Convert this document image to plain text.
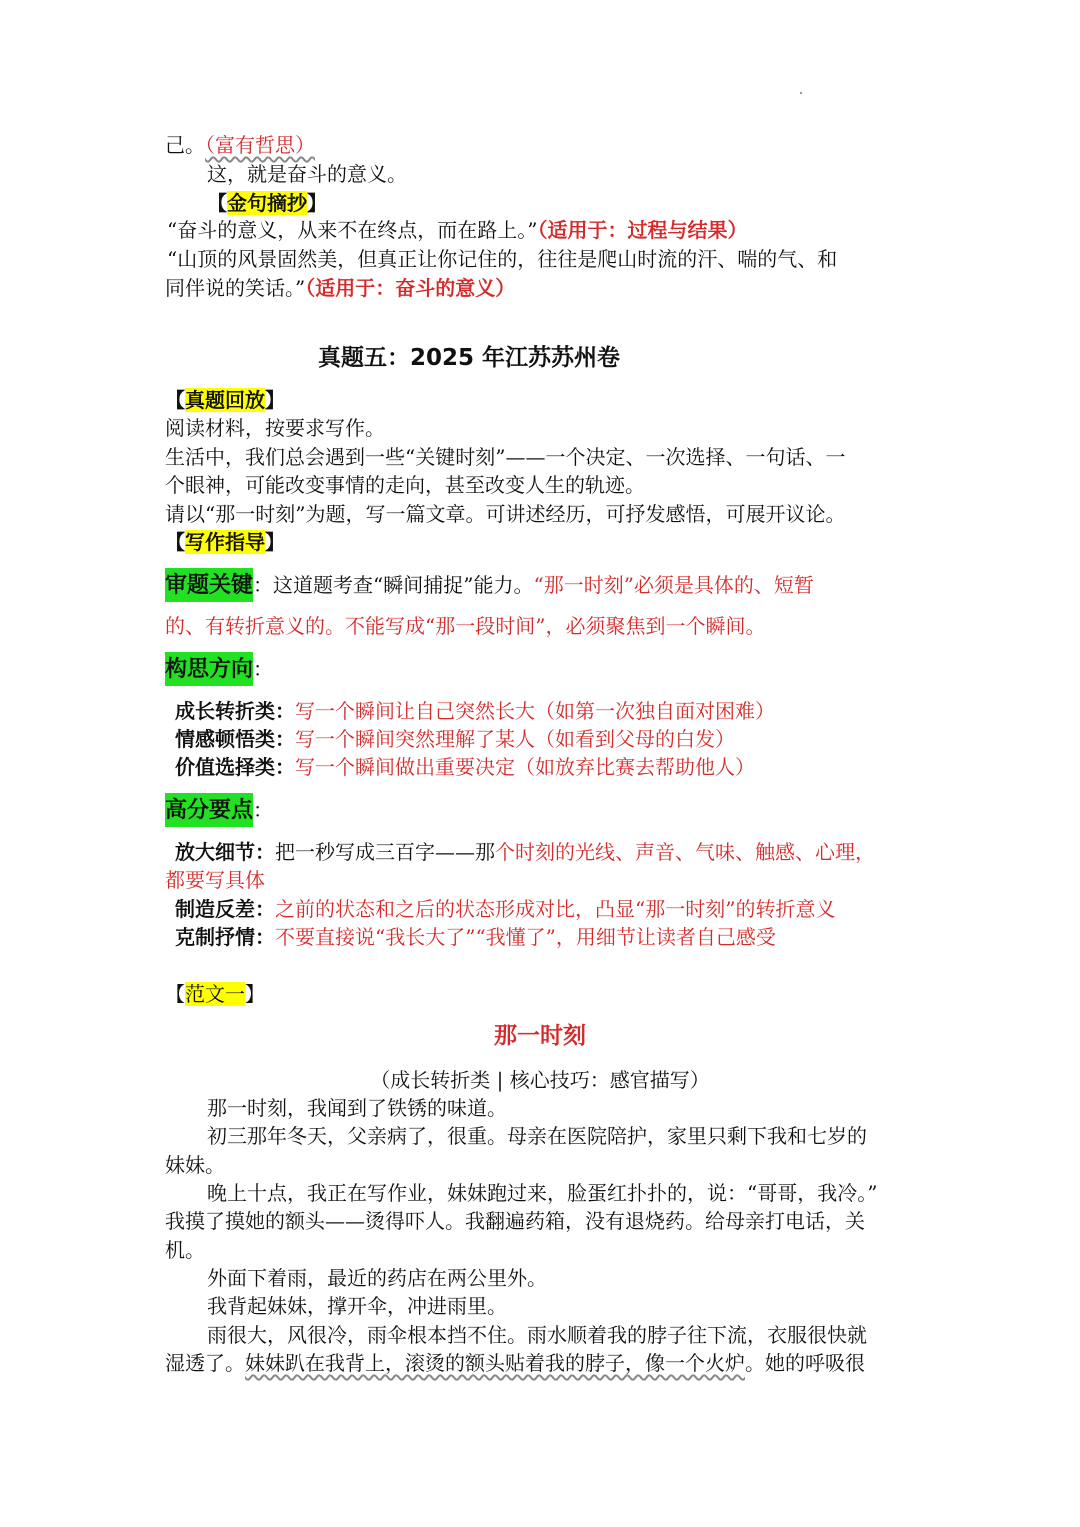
己。（富有哲思）
这，就是奋斗的意义。
【金句摘抄】
“奋斗的意义，从来不在终点，而在路上。”（适用于：过程与结果）
“山顶的风景固然美，但真正让你记住的，往往是爬山时流的汗、喘的气、和
同伴说的笑话。”（适用于：奋斗的意义）
真题五：2025 年江苏苏州卷
【真题回放】
阅读材料，按要求写作。
生活中，我们总会遇到一些“关键时刻”——一个决定、一次选择、一句话、一
个眼神，可能改变事情的走向，甚至改变人生的轨迹。
请以“那一时刻”为题，写一篇文章。可讲述经历，可抒发感悟，可展开议论。
【写作指导】
审题关键：这道题考查“瞬间捕捉”能力。“那一时刻”必须是具体的、短暂
的、有转折意义的。不能写成“那一段时间”，必须聚焦到一个瞬间。
构思方向：
成长转折类：写一个瞬间让自己突然长大（如第一次独自面对困难）
情感顿悟类：写一个瞬间突然理解了某人（如看到父母的白发）
价值选择类：写一个瞬间做出重要决定（如放弃比赛去帮助他人）
高分要点：
放大细节：把一秒写成三百字——那个时刻的光线、声音、气味、触感、心理，
都要写具体
制造反差：之前的状态和之后的状态形成对比，凸显“那一时刻”的转折意义
克制抒情：不要直接说“我长大了”“我懂了”，用细节让读者自己感受
【范文一】
那一时刻
（成长转折类 | 核心技巧：感官描写）
那一时刻，我闻到了铁锈的味道。
初三那年冬天，父亲病了，很重。母亲在医院陪护，家里只剩下我和七岁的
妹妹。
晚上十点，我正在写作业，妹妹跑过来，脸蛋红扑扑的，说：“哥哥，我冷。”
我摸了摸她的额头——烫得吓人。我翻遍药箱，没有退烧药。给母亲打电话，关
机。
外面下着雨，最近的药店在两公里外。
我背起妹妹，撑开伞，冲进雨里。
雨很大，风很冷，雨伞根本挡不住。雨水顺着我的脖子往下流，衣服很快就
湿透了。妹妹趴在我背上，滚烫的额头贴着我的脖子，像一个火炉。她的呼吸很
